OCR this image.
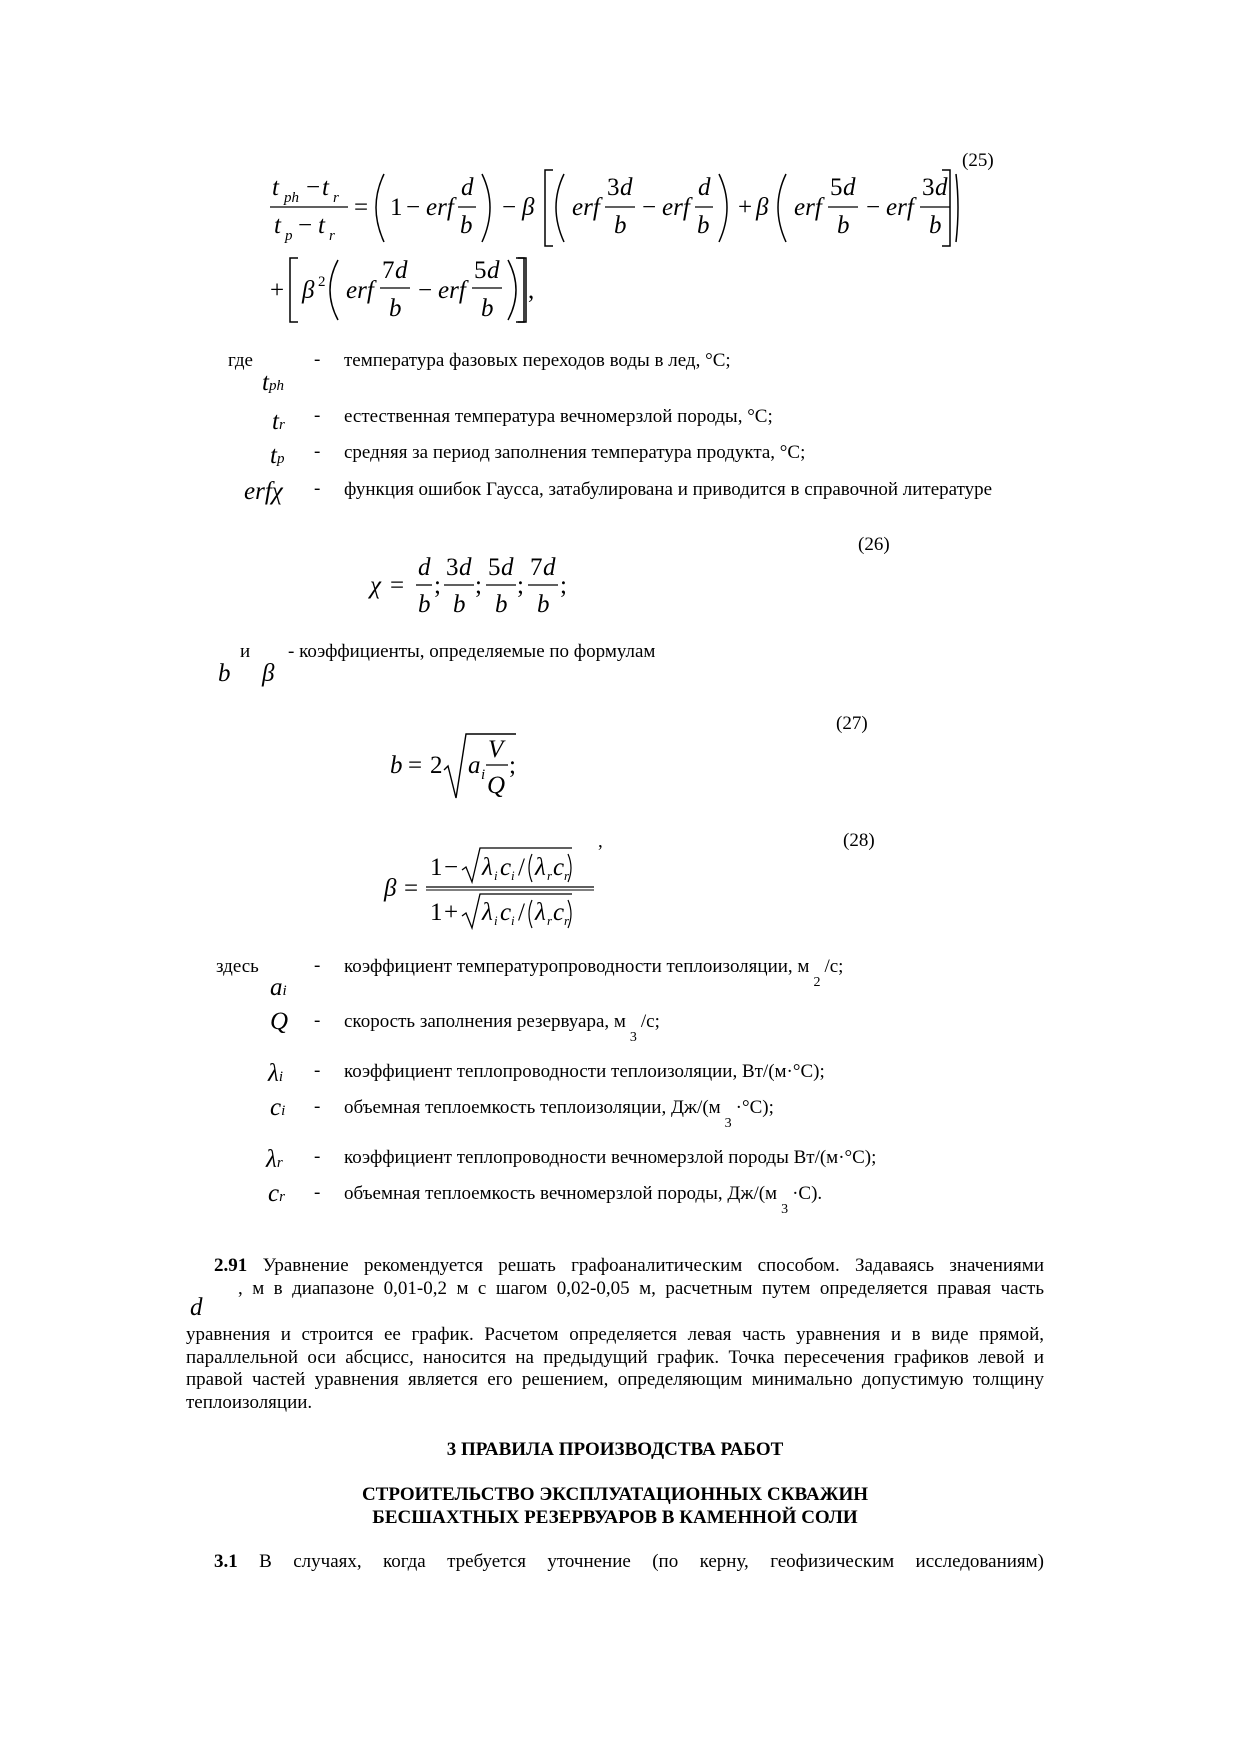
(25)
t ph − t r
t p − t r
= 1 − erf
d
b
− β erf
3 d
b
− erf
d
b
+ β erf
5 d
b
− erf
3 d
b
+ β 2 erf
7 d
b
− erf
5 d
b
,
где
tph
- температура фазовых переходов воды в лед, °С;
tr - естественная температура вечномерзлой породы, °С;
tp - средняя за период заполнения температура продукта, °С;
erfχ - функция ошибок Гаусса, затабулирована и приводится в справочной литературе
(26)
χ =
d
b
;
3 d
b
;
5 d
b
;
7 d
b
;
b
и
β
- коэффициенты, определяемые по формулам
(27)
b = 2 a i
V
Q
;
,	(28)
β =
1 − λ i c i / λ r c r
1 + λ i c i / λ r c r
здесь
ai
- коэффициент температуропроводности теплоизоляции, $м_2/с$;
Q - скорость заполнения резервуара, $м_3/с$;
λi - коэффициент теплопроводности теплоизоляции, Вт/(м·°С);
ci - объемная теплоемкость теплоизоляции, $Дж/(м_3\cdot^\circ С)$;
λr - коэффициент теплопроводности вечномерзлой породы Вт/(м·°С);
cr - объемная теплоемкость вечномерзлой породы, $Дж/(м_3\cdot С)$.
2.91 Уравнение рекомендуется решать графоаналитическим способом. Задаваясь значениями
d
, м в диапазоне 0,01-0,2 м с шагом 0,02-0,05 м, расчетным путем определяется правая часть
уравнения и строится ее график. Расчетом определяется левая часть уравнения и в виде прямой, параллельной оси абсцисс, наносится на предыдущий график. Точка пересечения графиков левой и правой частей уравнения является его решением, определяющим минимально допустимую толщину теплоизоляции.
3 ПРАВИЛА ПРОИЗВОДСТВА РАБОТ
СТРОИТЕЛЬСТВО ЭКСПЛУАТАЦИОННЫХ СКВАЖИН
БЕСШАХТНЫХ РЕЗЕРВУАРОВ В КАМЕННОЙ СОЛИ
3.1 В случаях, когда требуется уточнение (по керну, геофизическим исследованиям)
